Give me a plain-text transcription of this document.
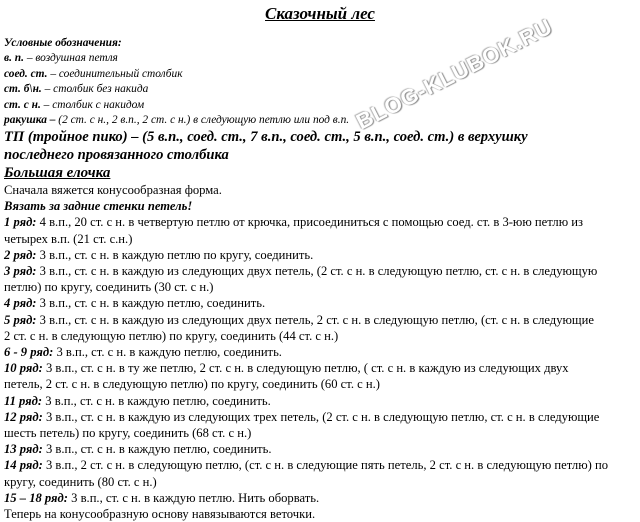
Сказочный лес
Условные обозначения:
в. п. – воздушная петля
соед. ст. – соединительный столбик
ст. б\н. – столбик без накида
ст. с н. – столбик с накидом
ракушка – (2 ст. с н., 2 в.п., 2 ст. с н.) в следующую петлю или под в.п.
ТП (тройное пико) – (5 в.п., соед. ст., 7 в.п., соед. ст., 5 в.п., соед. ст.) в верхушку
последнего провязанного столбика
Большая елочка
Сначала вяжется конусообразная форма.
Вязать за задние стенки петель!
1 ряд: 4 в.п., 20 ст. с н. в четвертую петлю от крючка, присоединиться с помощью соед. ст. в 3-юю петлю из
четырех в.п. (21 ст. с.н.)
2 ряд: 3 в.п., ст. с н. в каждую петлю по кругу, соединить.
3 ряд: 3 в.п., ст. с н. в каждую из следующих двух петель, (2 ст. с н. в следующую петлю, ст. с н. в следующую
петлю) по кругу, соединить (30 ст. с н.)
4 ряд: 3 в.п., ст. с н. в каждую петлю, соединить.
5 ряд: 3 в.п., ст. с н. в каждую из следующих двух петель, 2 ст. с н. в следующую петлю, (ст. с н. в следующие
2 ст. с н. в следующую петлю) по кругу, соединить (44 ст. с н.)
6 - 9 ряд: 3 в.п., ст. с н. в каждую петлю, соединить.
10 ряд: 3 в.п., ст. с н. в ту же петлю, 2 ст. с н. в следующую петлю, ( ст. с н. в каждую из следующих двух
петель, 2 ст. с н. в следующую петлю) по кругу, соединить (60 ст. с н.)
11 ряд: 3 в.п., ст. с н. в каждую петлю, соединить.
12 ряд: 3 в.п., ст. с н. в каждую из следующих трех петель, (2 ст. с н. в следующую петлю, ст. с н. в следующие
шесть петель) по кругу, соединить (68 ст. с н.)
13 ряд: 3 в.п., ст. с н. в каждую петлю, соединить.
14 ряд: 3 в.п., 2 ст. с н. в следующую петлю, (ст. с н. в следующие пять петель, 2 ст. с н. в следующую петлю) по
кругу, соединить (80 ст. с н.)
15 – 18 ряд: 3 в.п., ст. с н. в каждую петлю. Нить оборвать.
Теперь на конусообразную основу навязываются веточки.
BLOG-KLUBOK.RU
